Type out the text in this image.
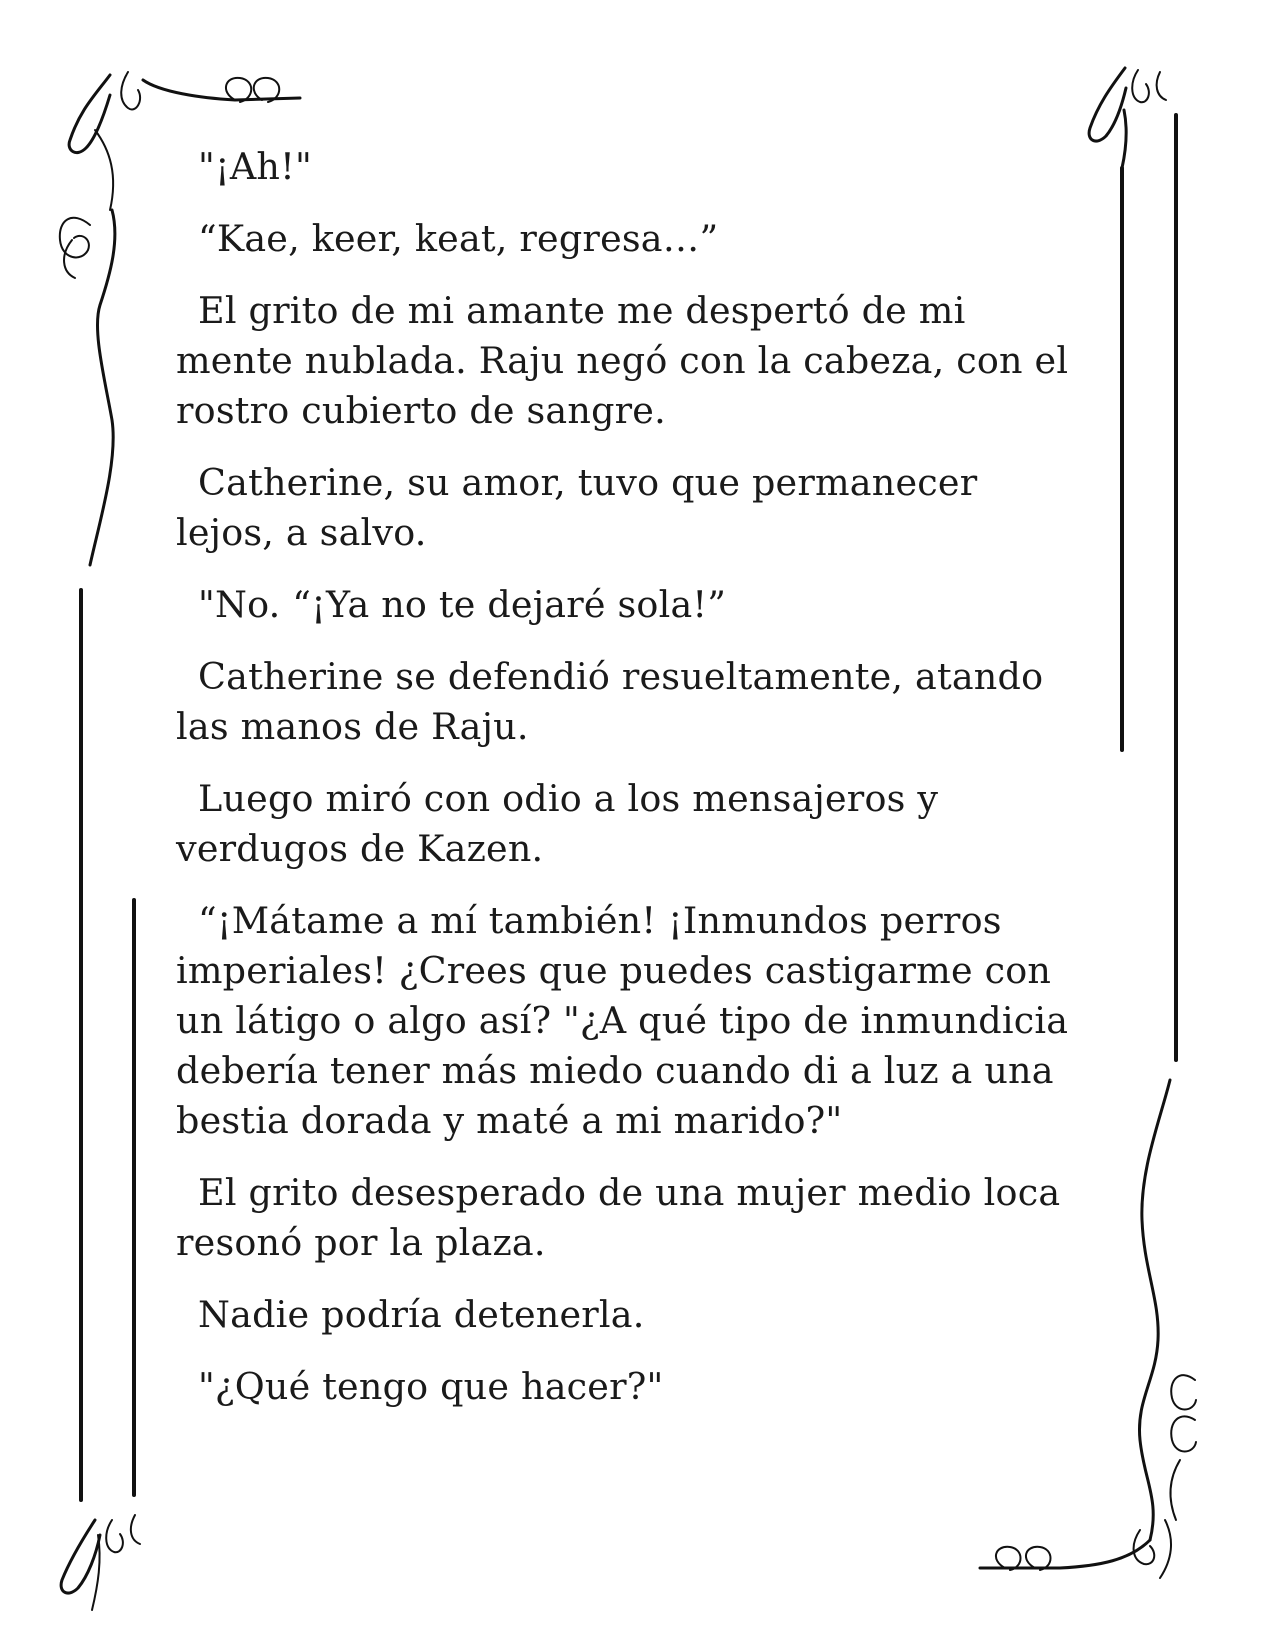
"¡Ah!"

“Kae, keer, keat, regresa…”

El grito de mi amante me despertó de mi mente nublada. Raju negó con la cabeza, con el rostro cubierto de sangre.

Catherine, su amor, tuvo que permanecer lejos, a salvo.

"No. “¡Ya no te dejaré sola!”

Catherine se defendió resueltamente, atando las manos de Raju.

Luego miró con odio a los mensajeros y verdugos de Kazen.

“¡Mátame a mí también! ¡Inmundos perros imperiales! ¿Crees que puedes castigarme con un látigo o algo así? "¿A qué tipo de inmundicia debería tener más miedo cuando di a luz a una bestia dorada y maté a mi marido?"

El grito desesperado de una mujer medio loca resonó por la plaza.

Nadie podría detenerla.

"¿Qué tengo que hacer?"
